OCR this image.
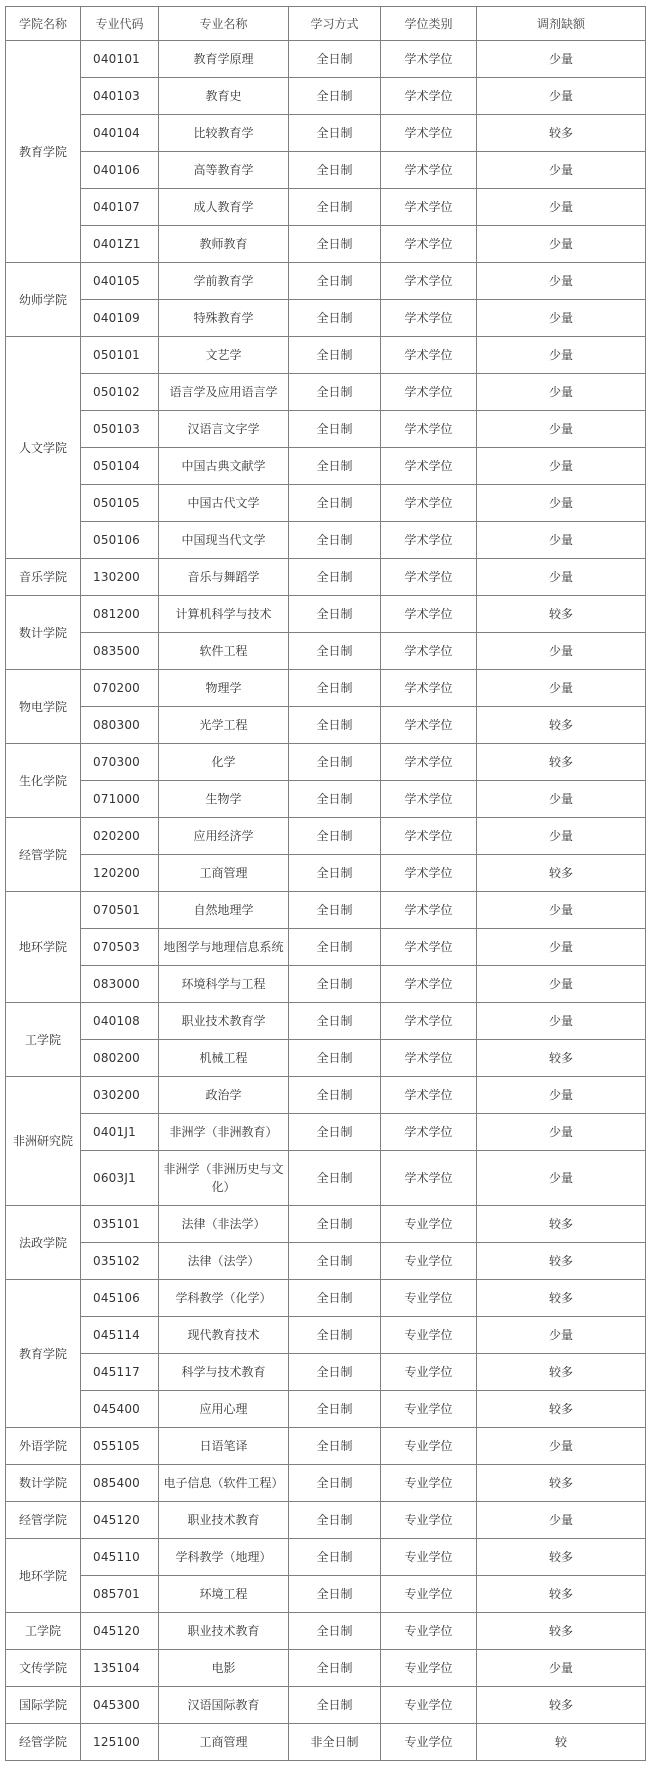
学院名称	专业代码	专业名称	学习方式	学位类别	调剂缺额
教育学院	040101	教育学原理	全日制	学术学位	少量
	040103	教育史	全日制	学术学位	少量
	040104	比较教育学	全日制	学术学位	较多
	040106	高等教育学	全日制	学术学位	少量
	040107	成人教育学	全日制	学术学位	少量
	0401Z1	教师教育	全日制	学术学位	少量
幼师学院	040105	学前教育学	全日制	学术学位	少量
	040109	特殊教育学	全日制	学术学位	少量
人文学院	050101	文艺学	全日制	学术学位	少量
	050102	语言学及应用语言学	全日制	学术学位	少量
	050103	汉语言文字学	全日制	学术学位	少量
	050104	中国古典文献学	全日制	学术学位	少量
	050105	中国古代文学	全日制	学术学位	少量
	050106	中国现当代文学	全日制	学术学位	少量
音乐学院	130200	音乐与舞蹈学	全日制	学术学位	少量
数计学院	081200	计算机科学与技术	全日制	学术学位	较多
	083500	软件工程	全日制	学术学位	少量
物电学院	070200	物理学	全日制	学术学位	少量
	080300	光学工程	全日制	学术学位	较多
生化学院	070300	化学	全日制	学术学位	较多
	071000	生物学	全日制	学术学位	少量
经管学院	020200	应用经济学	全日制	学术学位	少量
	120200	工商管理	全日制	学术学位	较多
地环学院	070501	自然地理学	全日制	学术学位	少量
	070503	地图学与地理信息系统	全日制	学术学位	少量
	083000	环境科学与工程	全日制	学术学位	少量
工学院	040108	职业技术教育学	全日制	学术学位	少量
	080200	机械工程	全日制	学术学位	较多
非洲研究院	030200	政治学	全日制	学术学位	少量
	0401J1	非洲学（非洲教育）	全日制	学术学位	少量
	0603J1	非洲学（非洲历史与文化）	全日制	学术学位	少量
法政学院	035101	法律（非法学）	全日制	专业学位	较多
	035102	法律（法学）	全日制	专业学位	较多
教育学院	045106	学科教学（化学）	全日制	专业学位	较多
	045114	现代教育技术	全日制	专业学位	少量
	045117	科学与技术教育	全日制	专业学位	较多
	045400	应用心理	全日制	专业学位	较多
外语学院	055105	日语笔译	全日制	专业学位	少量
数计学院	085400	电子信息（软件工程）	全日制	专业学位	较多
经管学院	045120	职业技术教育	全日制	专业学位	少量
地环学院	045110	学科教学（地理）	全日制	专业学位	较多
	085701	环境工程	全日制	专业学位	较多
工学院	045120	职业技术教育	全日制	专业学位	较多
文传学院	135104	电影	全日制	专业学位	少量
国际学院	045300	汉语国际教育	全日制	专业学位	较多
经管学院	125100	工商管理	非全日制	专业学位	较
